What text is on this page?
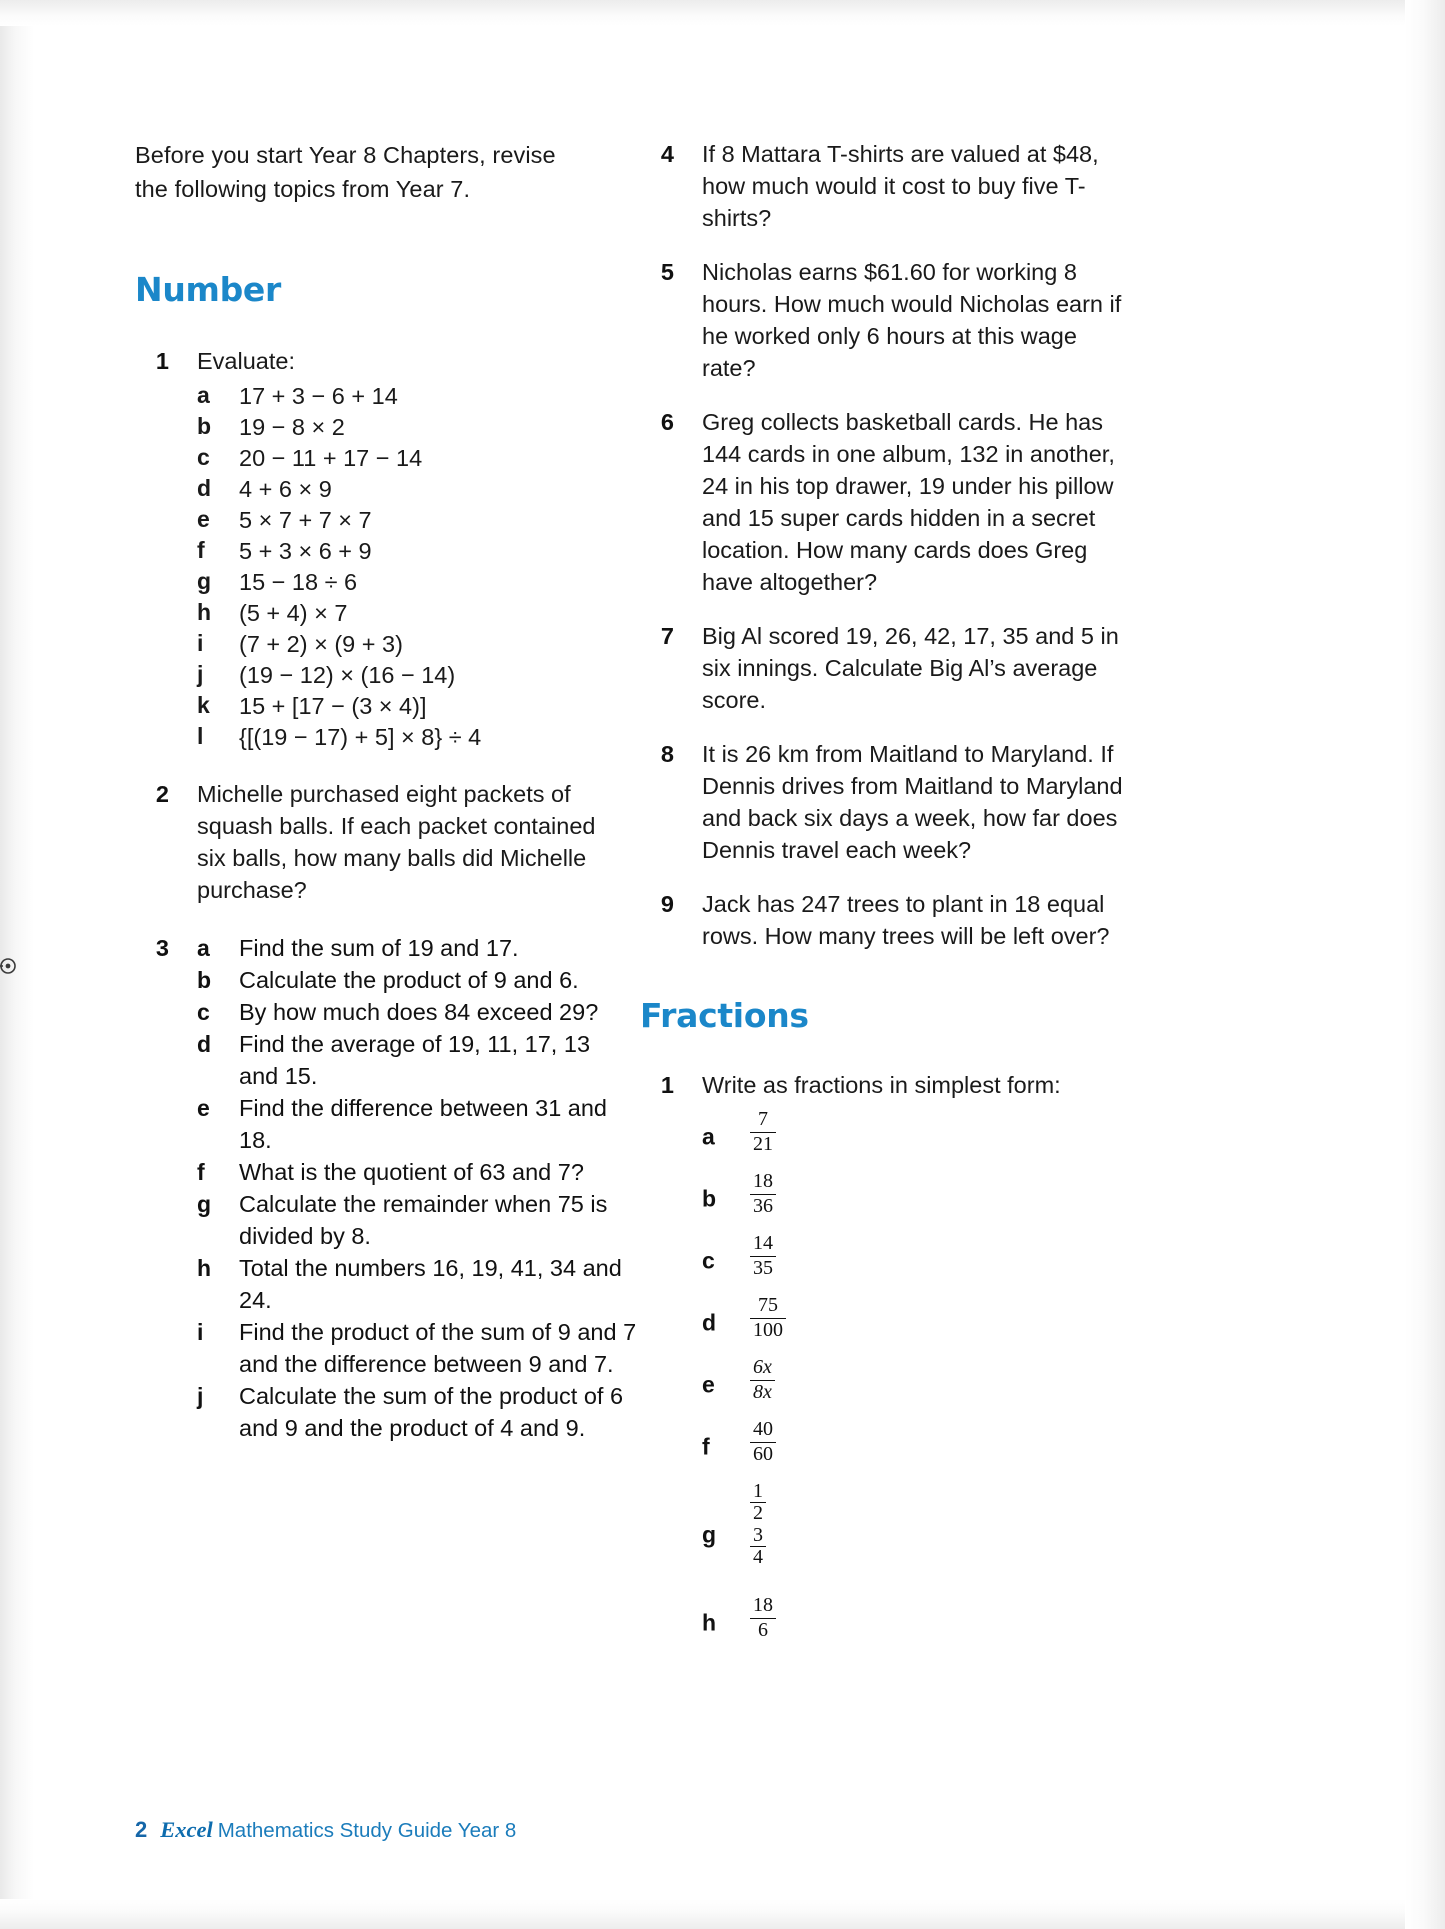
Before you start Year 8 Chapters, revise the following topics from Year 7.

Number
1 Evaluate:
a	17 + 3 − 6 + 14
b 19 − 8 × 2
c	20 − 11 + 17 − 14
d 4 + 6 × 9
e	5 × 7 + 7 × 7
f	5 + 3 × 6 + 9
g 15 − 18 ÷ 6
h (5 + 4) × 7
i	(7 + 2) × (9 + 3)
j	(19 − 12) × (16 − 14)
k	15 + [17 − (3 × 4)]
l	{[(19 − 17) + 5] × 8} ÷ 4
2 Michelle purchased eight packets of squash balls. If each packet contained six balls, how many balls did Michelle purchase?
3 a	Find the sum of 19 and 17.
b Calculate the product of 9 and 6.
c	By how much does 84 exceed 29?
d Find the average of 19, 11, 17, 13 and 15.
e	Find the difference between 31 and 18.
f	What is the quotient of 63 and 7?
g Calculate the remainder when 75 is divided by 8.
h Total the numbers 16, 19, 41, 34 and 24.
i	Find the product of the sum of 9 and 7 and the difference between 9 and 7.
j	Calculate the sum of the product of 6 and 9 and the product of 4 and 9.
4 If 8 Mattara T-shirts are valued at $48, how much would it cost to buy five T-shirts?
5 Nicholas earns $61.60 for working 8 hours. How much would Nicholas earn if he worked only 6 hours at this wage rate?
6 Greg collects basketball cards. He has 144 cards in one album, 132 in another, 24 in his top drawer, 19 under his pillow and 15 super cards hidden in a secret location. How many cards does Greg have altogether?
7 Big Al scored 19, 26, 42, 17, 35 and 5 in six innings. Calculate Big Al’s average score.
8 It is 26 km from Maitland to Maryland. If Dennis drives from Maitland to Maryland and back six days a week, how far does Dennis travel each week?
9 Jack has 247 trees to plant in 18 equal rows. How many trees will be left over?
Fractions
1 Write as fractions in simplest form:
a $\frac{7}{21}$
b $\frac{18}{36}$
c $\frac{14}{35}$
d $\frac{75}{100}$
e $\frac{6x}{8x}$
f $\frac{40}{60}$
g
$\frac{1}{2}$
$\frac{3}{4}$
h $\frac{18}{6}$
2 Excel Mathematics Study Guide Year 8
